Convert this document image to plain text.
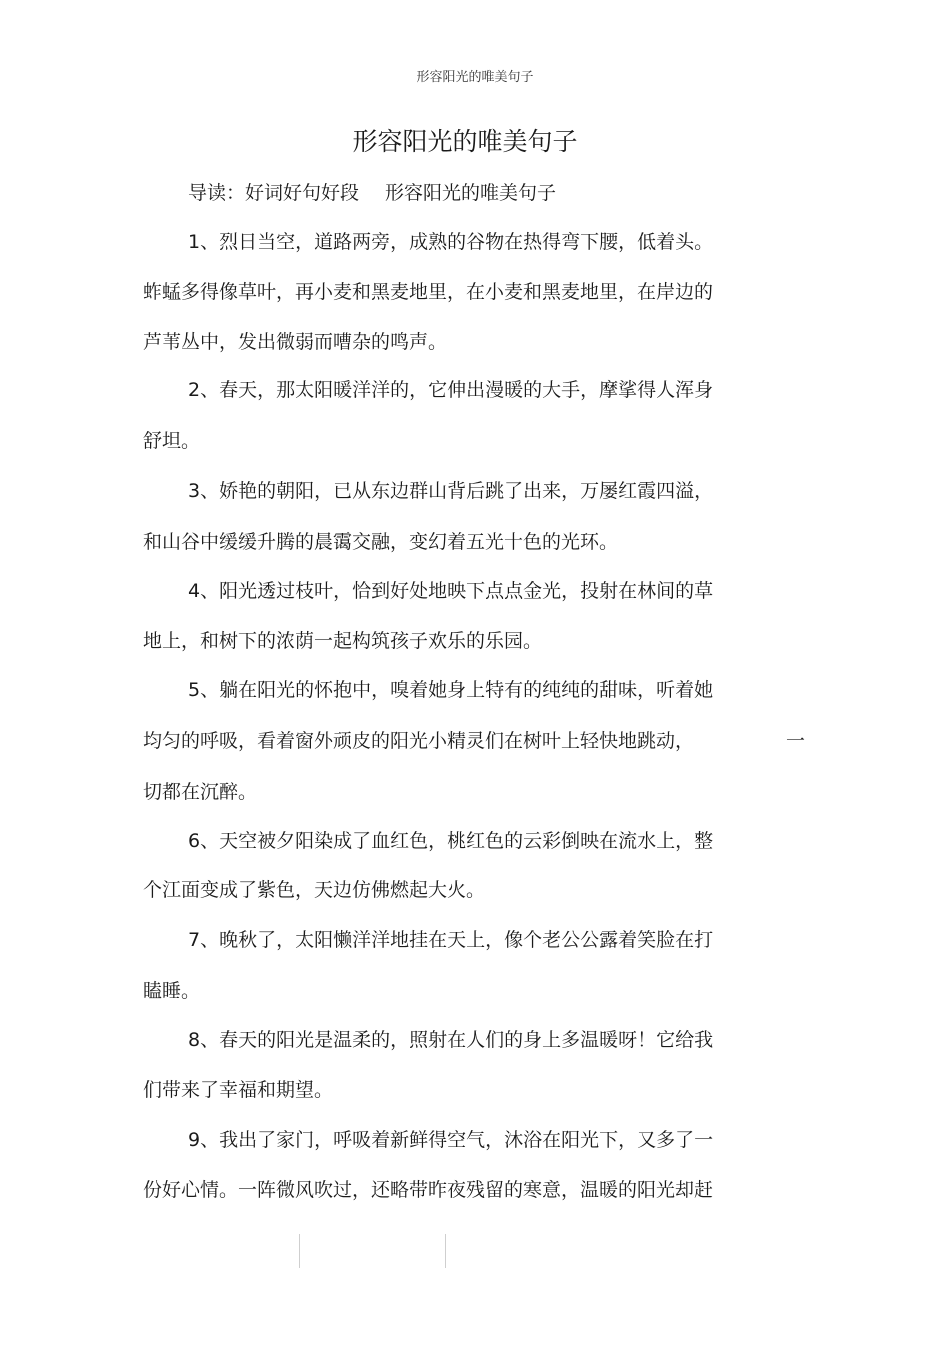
形容阳光的唯美句子
形容阳光的唯美句子
导读：好词好句好段 形容阳光的唯美句子
1、烈日当空，道路两旁，成熟的谷物在热得弯下腰，低着头。
蚱蜢多得像草叶，再小麦和黑麦地里，在小麦和黑麦地里，在岸边的
芦苇丛中，发出微弱而嘈杂的鸣声。
2、春天，那太阳暖洋洋的，它伸出漫暖的大手，摩挲得人浑身
舒坦。
3、娇艳的朝阳，已从东边群山背后跳了出来，万屡红霞四溢，
和山谷中缓缓升腾的晨霭交融，变幻着五光十色的光环。
4、阳光透过枝叶，恰到好处地映下点点金光，投射在林间的草
地上，和树下的浓荫一起构筑孩子欢乐的乐园。
5、躺在阳光的怀抱中，嗅着她身上特有的纯纯的甜味，听着她
均匀的呼吸，看着窗外顽皮的阳光小精灵们在树叶上轻快地跳动，	一
切都在沉醉。
6、天空被夕阳染成了血红色，桃红色的云彩倒映在流水上，整
个江面变成了紫色，天边仿佛燃起大火。
7、晚秋了，太阳懒洋洋地挂在天上，像个老公公露着笑脸在打
瞌睡。
8、春天的阳光是温柔的，照射在人们的身上多温暖呀！它给我
们带来了幸福和期望。
9、我出了家门，呼吸着新鲜得空气，沐浴在阳光下，又多了一
份好心情。一阵微风吹过，还略带昨夜残留的寒意，温暖的阳光却赶
